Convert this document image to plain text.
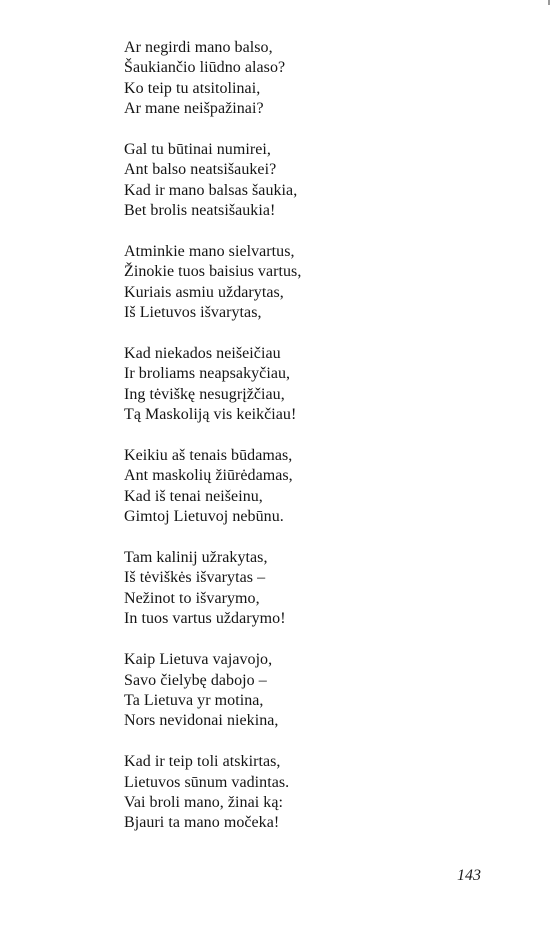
Ar negirdi mano balso,
Šaukiančio liūdno alaso?
Ko teip tu atsitolinai,
Ar mane neišpažinai?
Gal tu būtinai numirei,
Ant balso neatsišaukei?
Kad ir mano balsas šaukia,
Bet brolis neatsišaukia!
Atminkie mano sielvartus,
Žinokie tuos baisius vartus,
Kuriais asmiu uždarytas,
Iš Lietuvos išvarytas,
Kad niekados neišeičiau
Ir broliams neapsakyčiau,
Ing tėviškę nesugrįžčiau,
Tą Maskoliją vis keikčiau!
Keikiu aš tenais būdamas,
Ant maskolių žiūrėdamas,
Kad iš tenai neišeinu,
Gimtoj Lietuvoj nebūnu.
Tam kalinij užrakytas,
Iš tėviškės išvarytas –
Nežinot to išvarymo,
In tuos vartus uždarymo!
Kaip Lietuva vajavojo,
Savo čielybę dabojo –
Ta Lietuva yr motina,
Nors nevidonai niekina,
Kad ir teip toli atskirtas,
Lietuvos sūnum vadintas.
Vai broli mano, žinai ką:
Bjauri ta mano močeka!
143
